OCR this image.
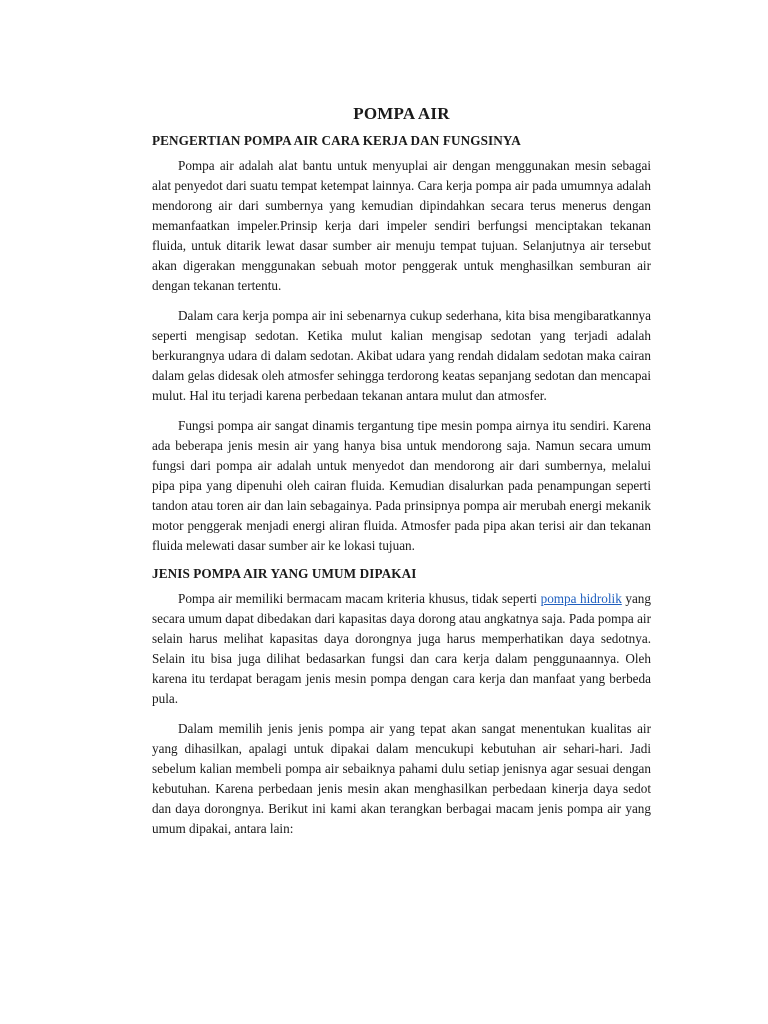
POMPA AIR
PENGERTIAN POMPA AIR CARA KERJA DAN FUNGSINYA

Pompa air adalah alat bantu untuk menyuplai air dengan menggunakan mesin sebagai alat penyedot dari suatu tempat ketempat lainnya. Cara kerja pompa air pada umumnya adalah mendorong air dari sumbernya yang kemudian dipindahkan secara terus menerus dengan memanfaatkan impeler.Prinsip kerja dari impeler sendiri berfungsi menciptakan tekanan fluida, untuk ditarik lewat dasar sumber air menuju tempat tujuan. Selanjutnya air tersebut akan digerakan menggunakan sebuah motor penggerak untuk menghasilkan semburan air dengan tekanan tertentu.

Dalam cara kerja pompa air ini sebenarnya cukup sederhana, kita bisa mengibaratkannya seperti mengisap sedotan. Ketika mulut kalian mengisap sedotan yang terjadi adalah berkurangnya udara di dalam sedotan. Akibat udara yang rendah didalam sedotan maka cairan dalam gelas didesak oleh atmosfer sehingga terdorong keatas sepanjang sedotan dan mencapai mulut. Hal itu terjadi karena perbedaan tekanan antara mulut dan atmosfer.

Fungsi pompa air sangat dinamis tergantung tipe mesin pompa airnya itu sendiri. Karena ada beberapa jenis mesin air yang hanya bisa untuk mendorong saja. Namun secara umum fungsi dari pompa air adalah untuk menyedot dan mendorong air dari sumbernya, melalui pipa pipa yang dipenuhi oleh cairan fluida. Kemudian disalurkan pada penampungan seperti tandon atau toren air dan lain sebagainya. Pada prinsipnya pompa air merubah energi mekanik motor penggerak menjadi energi aliran fluida. Atmosfer pada pipa akan terisi air dan tekanan fluida melewati dasar sumber air ke lokasi tujuan.

JENIS POMPA AIR YANG UMUM DIPAKAI

Pompa air memiliki bermacam macam kriteria khusus, tidak seperti pompa hidrolik yang secara umum dapat dibedakan dari kapasitas daya dorong atau angkatnya saja. Pada pompa air selain harus melihat kapasitas daya dorongnya juga harus memperhatikan daya sedotnya. Selain itu bisa juga dilihat bedasarkan fungsi dan cara kerja dalam penggunaannya. Oleh karena itu terdapat beragam jenis mesin pompa dengan cara kerja dan manfaat yang berbeda pula.

Dalam memilih jenis jenis pompa air yang tepat akan sangat menentukan kualitas air yang dihasilkan, apalagi untuk dipakai dalam mencukupi kebutuhan air sehari-hari. Jadi sebelum kalian membeli pompa air sebaiknya pahami dulu setiap jenisnya agar sesuai dengan kebutuhan. Karena perbedaan jenis mesin akan menghasilkan perbedaan kinerja daya sedot dan daya dorongnya. Berikut ini kami akan terangkan berbagai macam jenis pompa air yang umum dipakai, antara lain:
